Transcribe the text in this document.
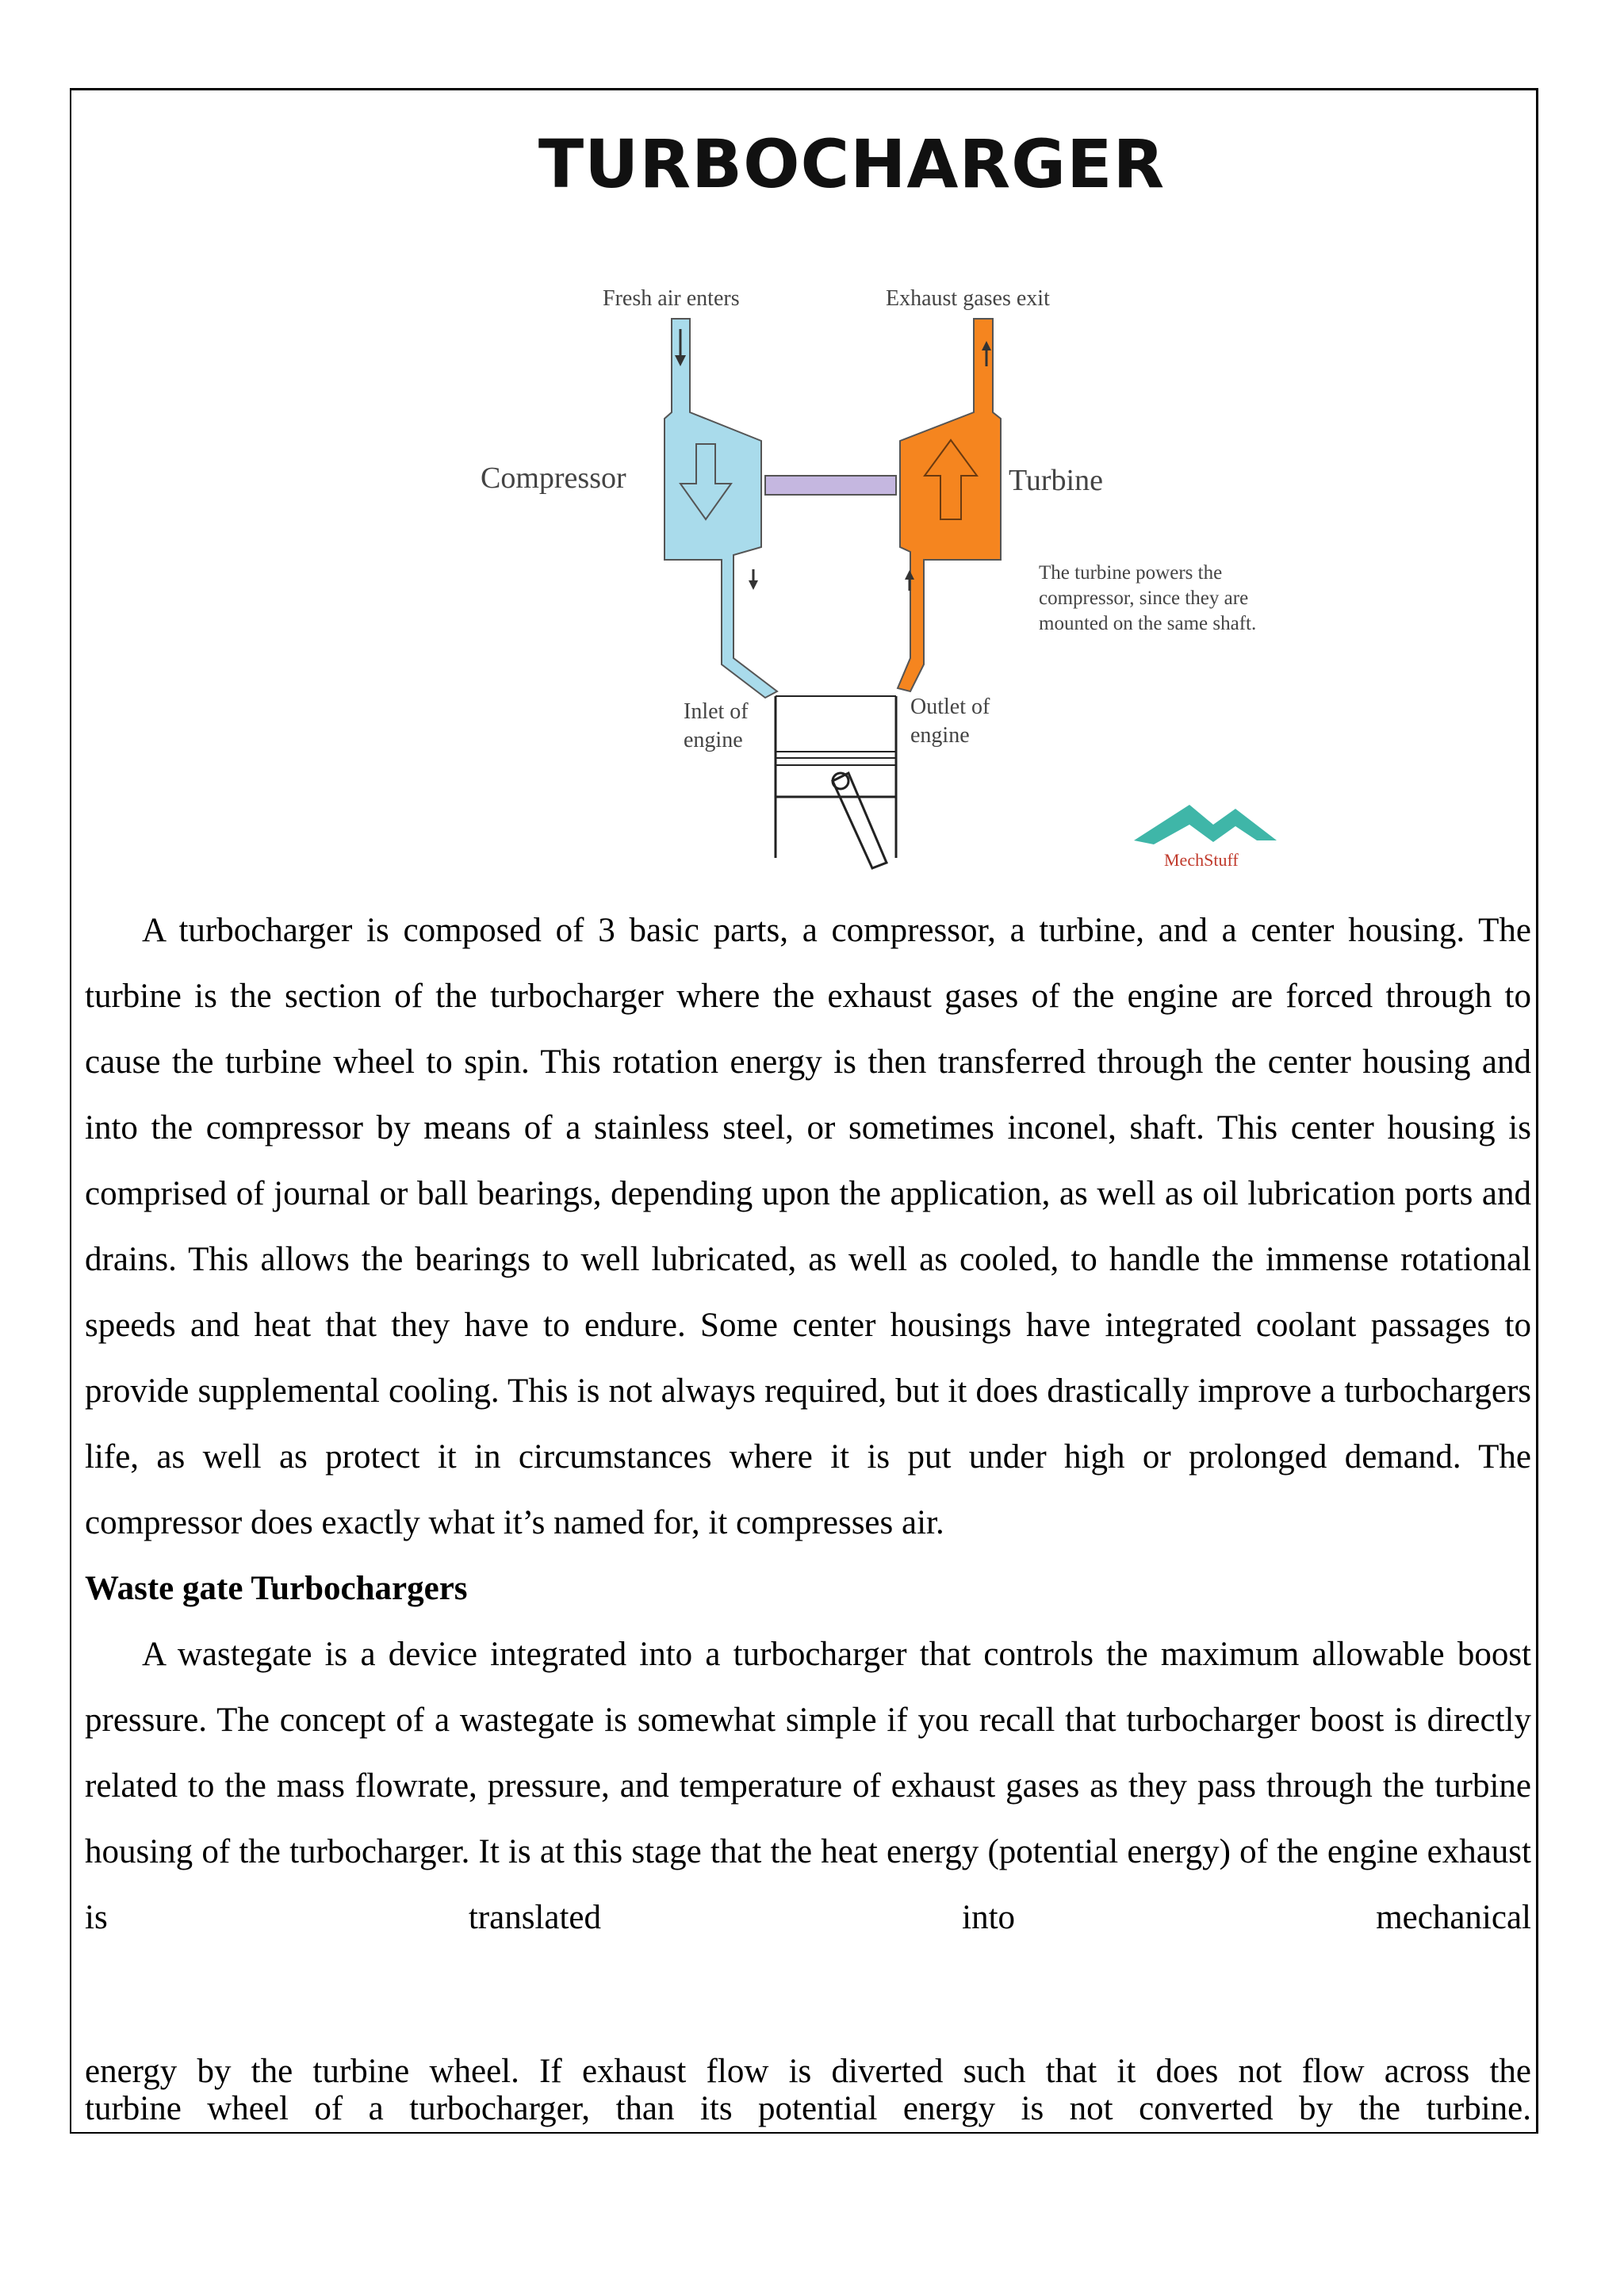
TURBOCHARGER
Fresh air enters	Exhaust gases exit
Compressor	Turbine
The turbine powers the
compressor, since they are
mounted on the same shaft.
Inlet of
engine
Outlet of
engine
MechStuff

A turbocharger is composed of 3 basic parts, a compressor, a turbine, and a center housing. The turbine is the section of the turbocharger where the exhaust gases of the engine are forced through to cause the turbine wheel to spin. This rotation energy is then transferred through the center housing and into the compressor by means of a stainless steel, or sometimes inconel, shaft. This center housing is comprised of journal or ball bearings, depending upon the application, as well as oil lubrication ports and drains. This allows the bearings to well lubricated, as well as cooled, to handle the immense rotational speeds and heat that they have to endure. Some center housings have integrated coolant passages to provide supplemental cooling. This is not always required, but it does drastically improve a turbochargers life, as well as protect it in circumstances where it is put under high or prolonged demand. The compressor does exactly what it’s named for, it compresses air.

Waste gate Turbochargers

A wastegate is a device integrated into a turbocharger that controls the maximum allowable boost pressure. The concept of a wastegate is somewhat simple if you recall that turbocharger boost is directly related to the mass flowrate, pressure, and temperature of exhaust gases as they pass through the turbine housing of the turbocharger. It is at this stage that the heat energy (potential energy) of the engine exhaust is translated into mechanical

energy by the turbine wheel. If exhaust flow is diverted such that it does not flow across the

turbine wheel of a turbocharger, than its potential energy is not converted by the turbine.
